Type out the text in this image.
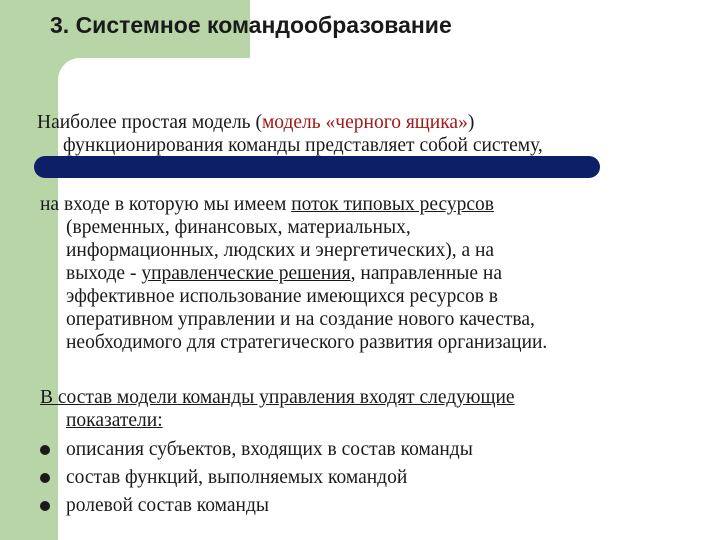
3. Системное командообразование
Наиболее простая модель (модель «черного ящика»)
функционирования команды представляет собой систему,
на входе в которую мы имеем поток типовых ресурсов
(временных, финансовых, материальных,
информационных, людских и энергетических), а на
выходе - управленческие решения, направленные на
эффективное использование имеющихся ресурсов в
оперативном управлении и на создание нового качества,
необходимого для стратегического развития организации.
В состав модели команды управления входят следующие
показатели:
описания субъектов, входящих в состав команды
состав функций, выполняемых командой
ролевой состав команды
